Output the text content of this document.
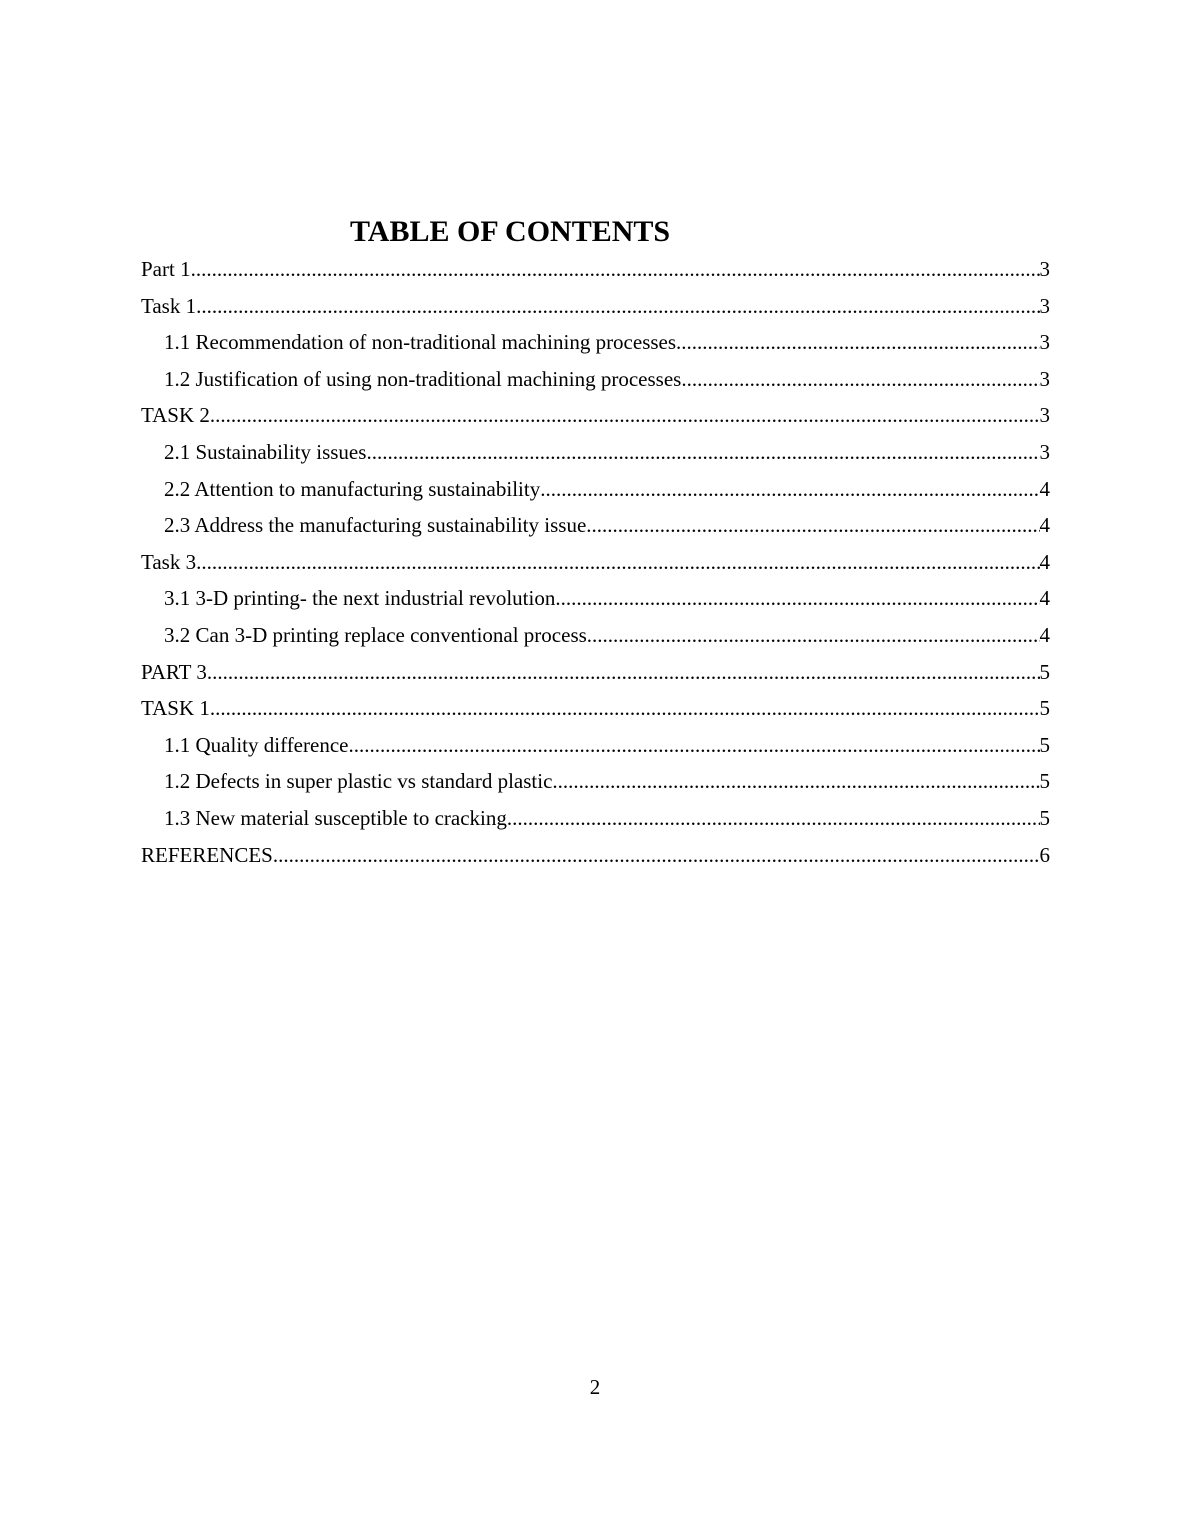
TABLE OF CONTENTS
Part 1 .....	3
Task 1 .....	3
1.1 Recommendation of non-traditional machining processes .....	3
1.2 Justification of using non-traditional machining processes .....	3
TASK 2 .....	3
2.1 Sustainability issues .....	3
2.2 Attention to manufacturing sustainability .....	4
2.3 Address the manufacturing sustainability issue .....	4
Task 3 .....	4
3.1 3-D printing- the next industrial revolution .....	4
3.2 Can 3-D printing replace conventional process .....	4
PART 3 .....	5
TASK 1 .....	5
1.1 Quality difference .....	5
1.2 Defects in super plastic vs standard plastic .....	5
1.3 New material susceptible to cracking .....	5
REFERENCES .....	6
2
